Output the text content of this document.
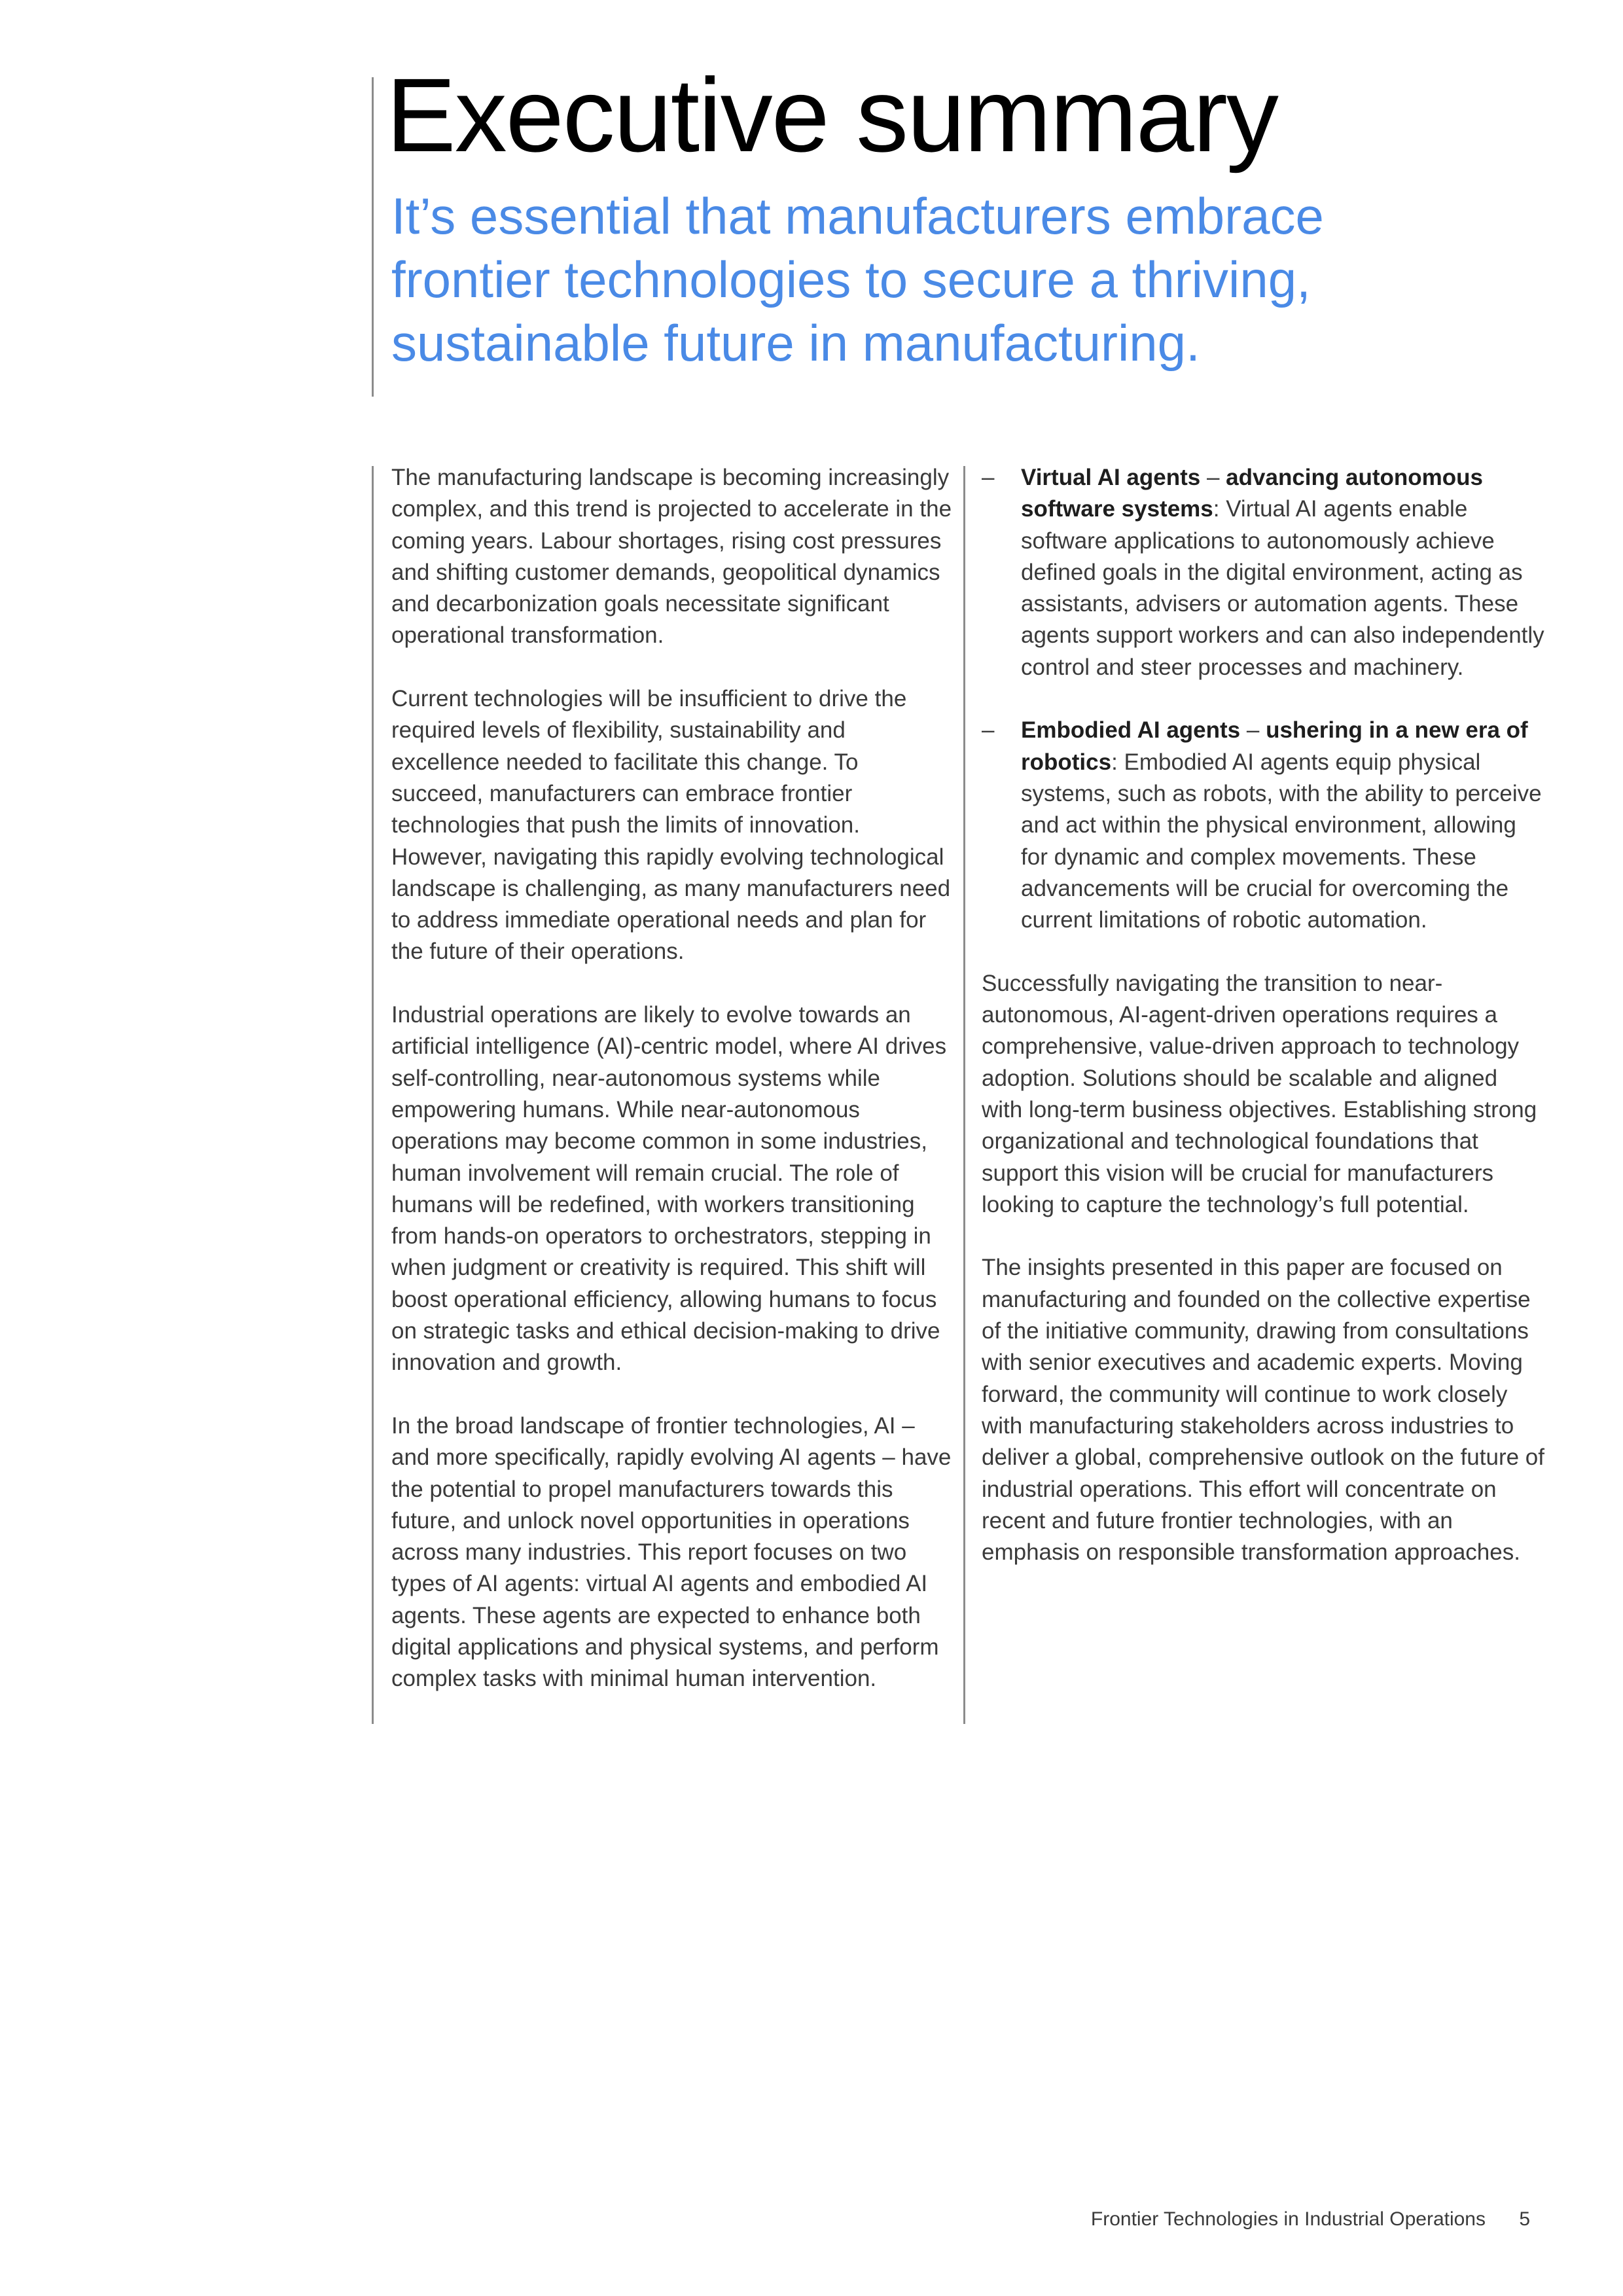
Executive summary
It’s essential that manufacturers embrace frontier technologies to secure a thriving, sustainable future in manufacturing.

The manufacturing landscape is becoming increasingly complex, and this trend is projected to accelerate in the coming years. Labour shortages, rising cost pressures and shifting customer demands, geopolitical dynamics and decarbonization goals necessitate significant operational transformation.

Current technologies will be insufficient to drive the required levels of flexibility, sustainability and excellence needed to facilitate this change. To succeed, manufacturers can embrace frontier technologies that push the limits of innovation. However, navigating this rapidly evolving technological landscape is challenging, as many manufacturers need to address immediate operational needs and plan for the future of their operations.

Industrial operations are likely to evolve towards an artificial intelligence (AI)-centric model, where AI drives self-controlling, near-autonomous systems while empowering humans. While near-autonomous operations may become common in some industries, human involvement will remain crucial. The role of humans will be redefined, with workers transitioning from hands-on operators to orchestrators, stepping in when judgment or creativity is required. This shift will boost operational efficiency, allowing humans to focus on strategic tasks and ethical decision-making to drive innovation and growth.

In the broad landscape of frontier technologies, AI – and more specifically, rapidly evolving AI agents – have the potential to propel manufacturers towards this future, and unlock novel opportunities in operations across many industries. This report focuses on two types of AI agents: virtual AI agents and embodied AI agents. These agents are expected to enhance both digital applications and physical systems, and perform complex tasks with minimal human intervention.

– Virtual AI agents – advancing autonomous software systems: Virtual AI agents enable software applications to autonomously achieve defined goals in the digital environment, acting as assistants, advisers or automation agents. These agents support workers and can also independently control and steer processes and machinery.
– Embodied AI agents – ushering in a new era of robotics: Embodied AI agents equip physical systems, such as robots, with the ability to perceive and act within the physical environment, allowing for dynamic and complex movements. These advancements will be crucial for overcoming the current limitations of robotic automation.

Successfully navigating the transition to near-autonomous, AI-agent-driven operations requires a comprehensive, value-driven approach to technology adoption. Solutions should be scalable and aligned with long-term business objectives. Establishing strong organizational and technological foundations that support this vision will be crucial for manufacturers looking to capture the technology’s full potential.

The insights presented in this paper are focused on manufacturing and founded on the collective expertise of the initiative community, drawing from consultations with senior executives and academic experts. Moving forward, the community will continue to work closely with manufacturing stakeholders across industries to deliver a global, comprehensive outlook on the future of industrial operations. This effort will concentrate on recent and future frontier technologies, with an emphasis on responsible transformation approaches.

Frontier Technologies in Industrial Operations 5
